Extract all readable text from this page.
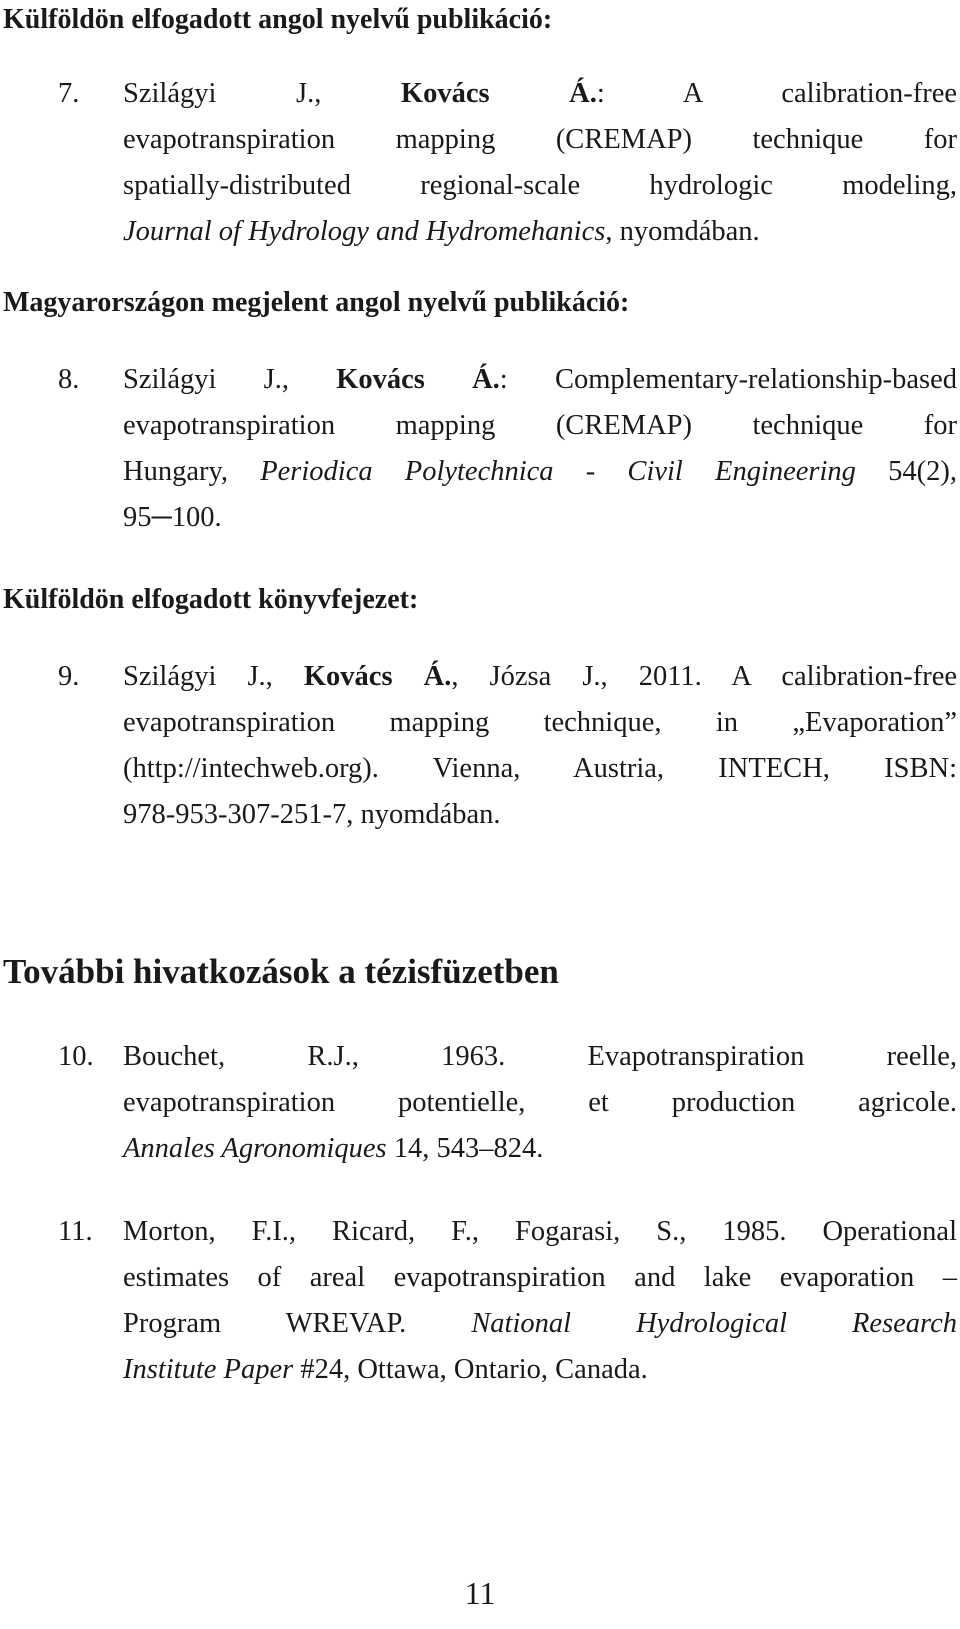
Külföldön elfogadott angol nyelvű publikáció:
7. Szilágyi J.,	Kovács Á.: A calibration-free
evapotranspiration mapping (CREMAP) technique for
spatially-distributed regional-scale hydrologic modeling,
Journal of Hydrology and Hydromehanics, nyomdában.
Magyarországon megjelent angol nyelvű publikáció:
8. Szilágyi J., Kovács Á.: Complementary-relationship-based
evapotranspiration mapping (CREMAP) technique for
Hungary, Periodica Polytechnica - Civil Engineering 54(2),
95─100.
Külföldön elfogadott könyvfejezet:
9. Szilágyi J., Kovács Á., Józsa J., 2011. A calibration-free
evapotranspiration mapping technique, in „Evaporation”
(http://intechweb.org). Vienna, Austria, INTECH, ISBN:
978-953-307-251-7, nyomdában.
További hivatkozások a tézisfüzetben
10. Bouchet, R.J., 1963. Evapotranspiration reelle,
evapotranspiration potentielle, et production agricole.
Annales Agronomiques 14, 543–824.
11. Morton, F.I., Ricard, F., Fogarasi, S., 1985. Operational
estimates of areal evapotranspiration and lake evaporation –
Program WREVAP. National Hydrological Research
Institute Paper #24, Ottawa, Ontario, Canada.
11
